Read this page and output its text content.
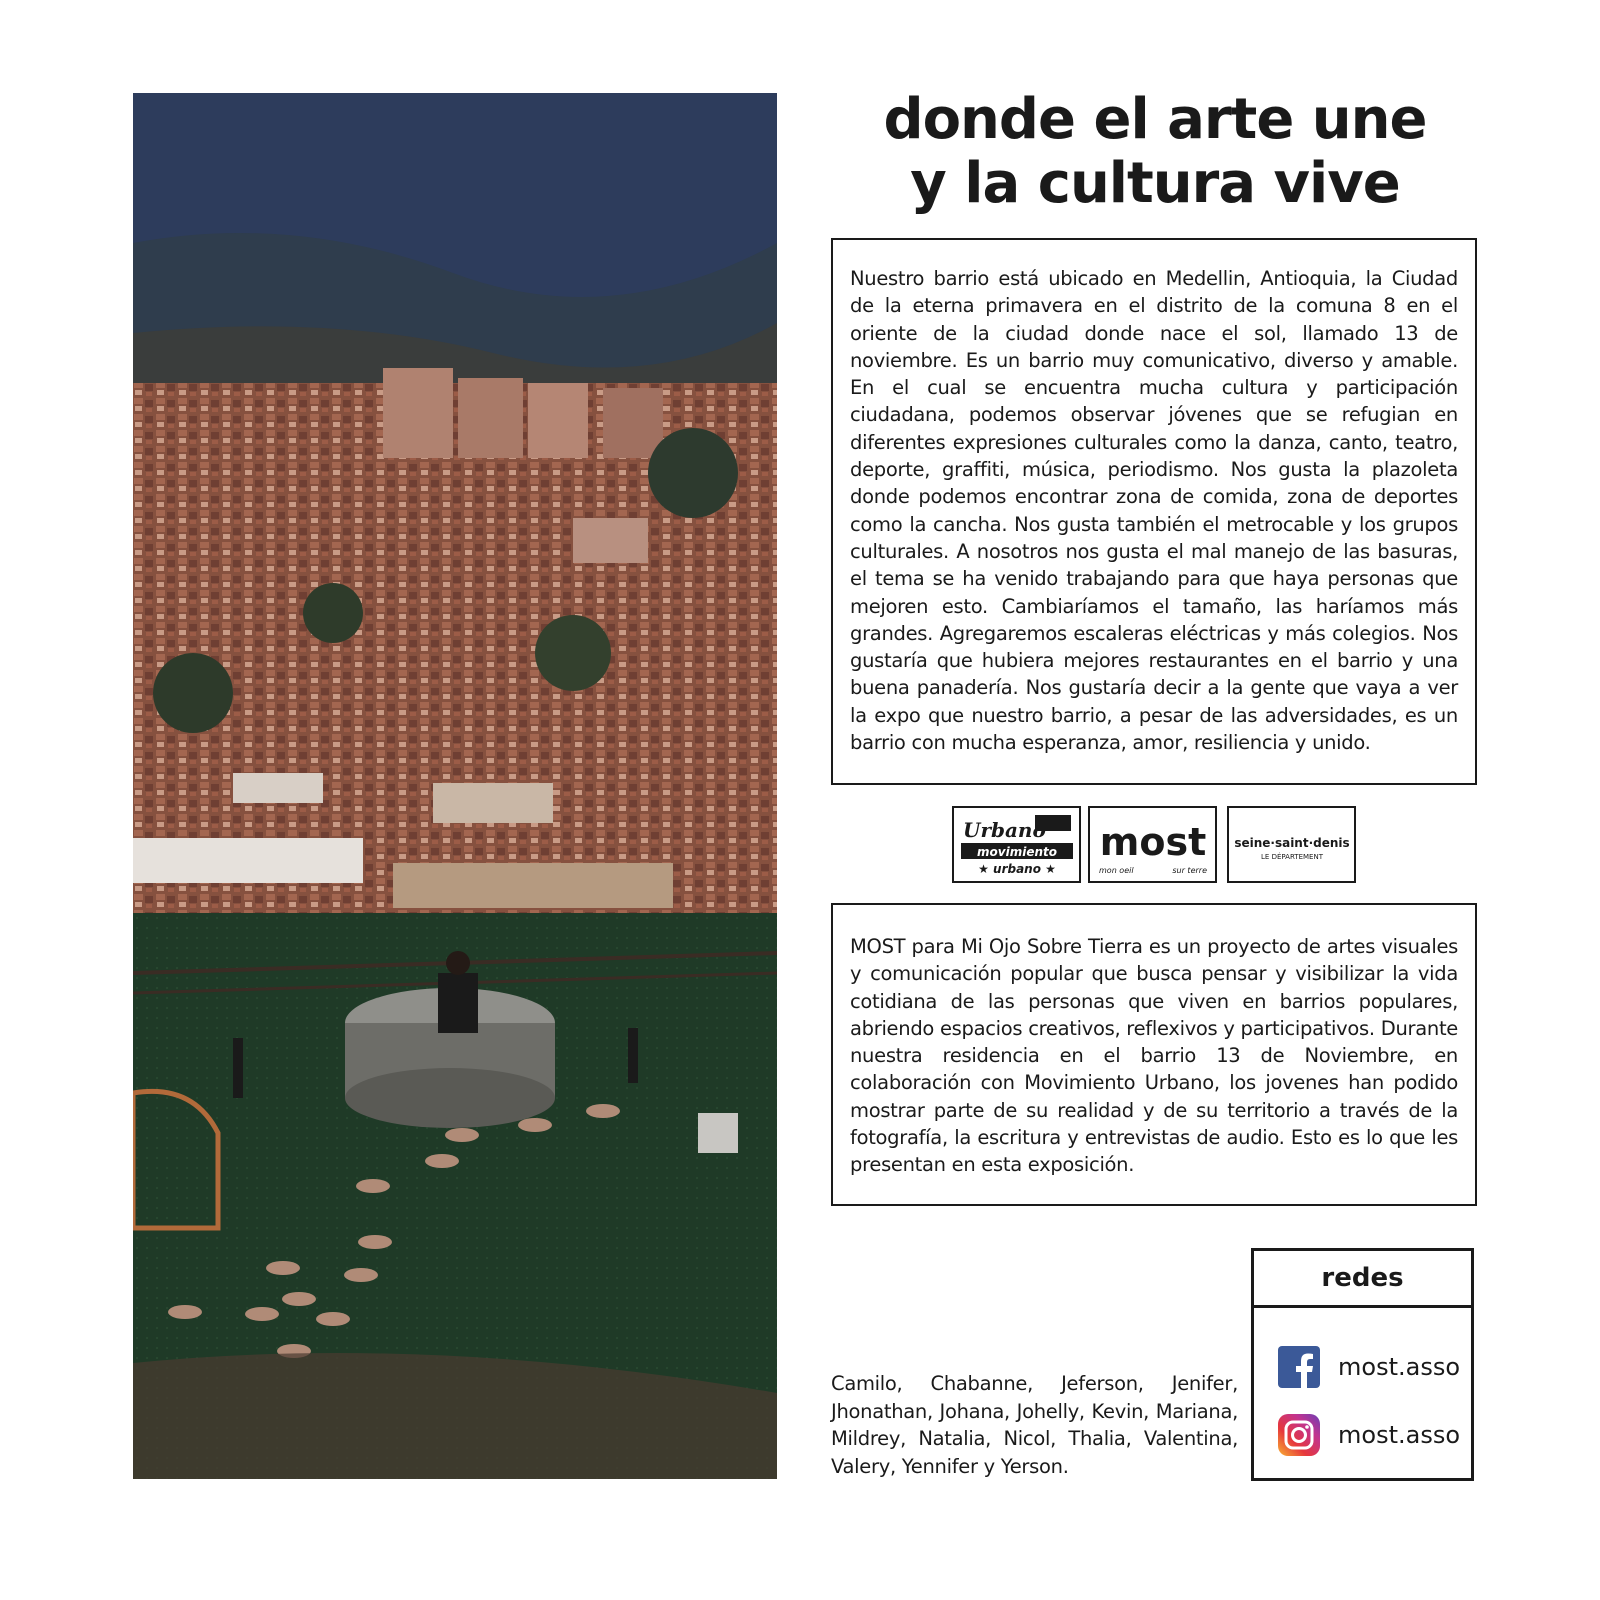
donde el arte une
y la cultura vive

Nuestro barrio está ubicado en Medellin, Antioquia, la Ciudad de la eterna primavera en el distrito de la comuna 8 en el oriente de la ciudad donde nace el sol, llamado 13 de noviembre. Es un barrio muy comunicativo, diverso y amable. En el cual se encuentra mucha cultura y participación ciudadana, podemos observar jóvenes que se refugian en diferentes expresiones culturales como la danza, canto, teatro, deporte, graffiti, música, periodismo. Nos gusta la plazoleta donde podemos encontrar zona de comida, zona de deportes como la cancha. Nos gusta también el metrocable y los grupos culturales. A nosotros nos gusta el mal manejo de las basuras, el tema se ha venido trabajando para que haya personas que mejoren esto. Cambiaríamos el tamaño, las haríamos más grandes. Agregaremos escaleras eléctricas y más colegios. Nos gustaría que hubiera mejores restaurantes en el barrio y una buena panadería. Nos gustaría decir a la gente que vaya a ver la expo que nuestro barrio, a pesar de las adversidades, es un barrio con mucha esperanza, amor, resiliencia y unido.

Urbano
movimiento
★ urbano ★
most
mon oeil	sur terre
seine·saint·denis
LE DÉPARTEMENT

MOST para Mi Ojo Sobre Tierra es un proyecto de artes visuales y comunicación popular que busca pensar y visibilizar la vida cotidiana de las personas que viven en barrios populares, abriendo espacios creativos, reflexivos y participativos. Durante nuestra residencia en el barrio 13 de Noviembre, en colaboración con Movimiento Urbano, los jovenes han podido mostrar parte de su realidad y de su territorio a través de la fotografía, la escritura y entrevistas de audio. Esto es lo que les presentan en esta exposición.

Camilo, Chabanne, Jeferson, Jenifer, Jhonathan, Johana, Johelly, Kevin, Mariana, Mildrey, Natalia, Nicol, Thalia, Valentina, Valery, Yennifer y Yerson.

redes
most.asso
most.asso
